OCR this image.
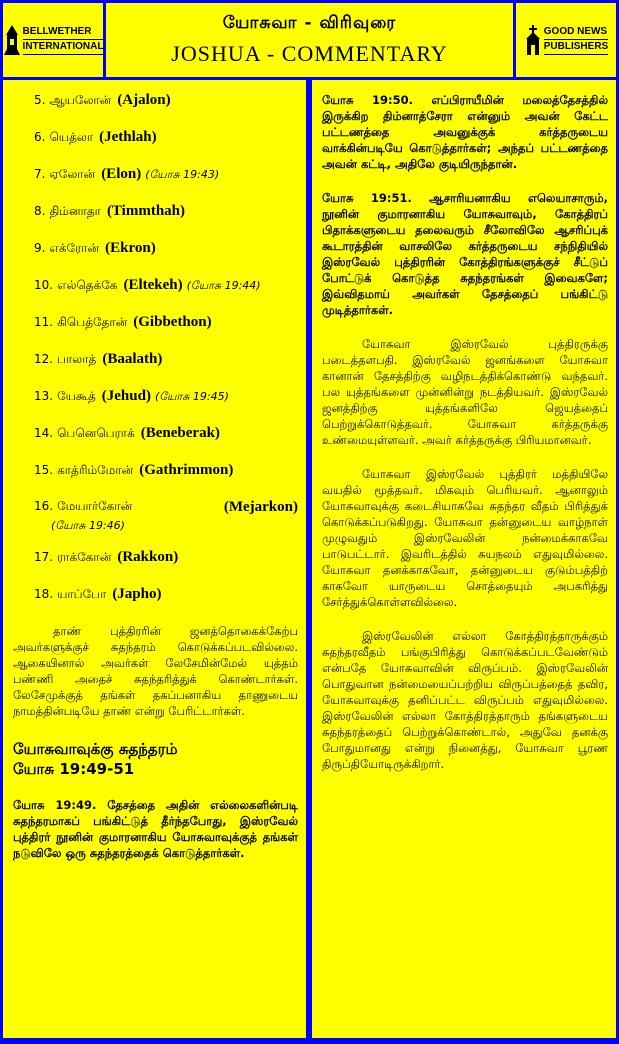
BELLWETHER
INTERNATIONAL
யோசுவா - விரிவுரை
JOSHUA - COMMENTARY
GOOD NEWS
PUBLISHERS
5. ஆயலோன் (Ajalon)
6. யெத்லா (Jethlah)
7. ஏலோன் (Elon) (யோசு 19:43)
8. திம்னாதா (Timmthah)
9. எக்ரோன் (Ekron)
10. எல்தெக்கே (Eltekeh) (யோசு 19:44)
11. கிபெத்தோன் (Gibbethon)
12. பாலாத் (Baalath)
13. யேகூத் (Jehud) (யோசு 19:45)
14. பெனெபெராக் (Beneberak)
15. காத்ரிம்மோன் (Gathrimmon)
16. மேயார்கோன்	(Mejarkon)
(யோசு 19:46)
17. ராக்கோன் (Rakkon)
18. யாப்போ (Japho)

தாண் புத்திரரின் ஜனத்தொகைக்கேற்ப அவர்களுக்குச் சுதந்தரம் கொடுக்கப்படவில்லை. ஆகையினால் அவர்கள் லேசேமின்மேல் யுத்தம் பண்ணி அதைச் சுதந்தரித்துக் கொண்டார்கள். லேசேமுக்குத் தங்கள் தகப்பனாகிய தாணுடைய நாமத்தின்படியே தாண் என்று பேரிட்டார்கள்.

யோசுவாவுக்கு சுதந்தரம்
யோசு 19:49-51

யோசு 19:49. தேசத்தை அதின் எல்லைகளின்படி சுதந்தரமாகப் பங்கிட்டுத் தீர்ந்தபோது, இஸ்ரவேல் புத்திரர் நூனின் குமாரனாகிய யோசுவாவுக்குத் தங்கள் நடுவிலே ஒரு சுதந்தரத்தைக் கொடுத்தார்கள்.

யோசு 19:50. எப்பிராயீமின் மலைத்தேசத்தில் இருக்கிற திம்னாத்சேரா என்னும் அவன் கேட்ட பட்டணத்தை அவனுக்குக் கர்த்தருடைய வாக்கின்படியே கொடுத்தார்கள்; அந்தப் பட்டணத்தை அவன் கட்டி, அதிலே குடியிருந்தான்.

யோசு 19:51. ஆசாரியனாகிய எலெயாசாரும், நூனின் குமாரனாகிய யோசுவாவும், கோத்திரப் பிதாக்களுடைய தலைவரும் சீலோவிலே ஆசரிப்புக் கூடாரத்தின் வாசலிலே கர்த்தருடைய சந்நிதியில் இஸ்ரவேல் புத்திரரின் கோத்திரங்களுக்குச் சீட்டுப் போட்டுக் கொடுத்த சுதந்தரங்கள் இவைகளே; இவ்விதமாய் அவர்கள் தேசத்தைப் பங்கிட்டு முடித்தார்கள்.

யோசுவா இஸ்ரவேல் புத்திரருக்கு படைத்தளபதி. இஸ்ரவேல் ஜனங்களை யோசுவா கானான் தேசத்திற்கு வழிநடத்திக்கொண்டு வந்தவர். பல யுத்தங்களை முன்னின்று நடத்தியவர். இஸ்ரவேல் ஜனத்திற்கு யுத்தங்களிலே ஜெயத்தைப் பெற்றுக்கொடுத்தவர். யோசுவா கர்த்தருக்கு உண்மையுள்ளவர். அவர் கர்த்தருக்கு பிரியமானவர்.

யோசுவா இஸ்ரவேல் புத்திரர் மத்தியிலே வயதில் மூத்தவர். மிகவும் பெரியவர். ஆனாலும் யோசுவாவுக்கு கடைசியாகவே சுதந்தர வீதம் பிரித்துக் கொடுக்கப்படுகிறது. யோசுவா தன்னுடைய வாழ்நாள் முழுவதும் இஸ்ரவேலின் நன்மைக்காகவே பாடுபட்டார். இவரிடத்தில் சுயநலம் எதுவுமில்லை. யோசுவா தனக்காகவோ, தன்னுடைய குடும்பத்திற் காகவோ யாருடைய சொத்தையும் அபகரித்து சேர்த்துக்கொள்ளவில்லை.

இஸ்ரவேலின் எல்லா கோத்திரத்தாருக்கும் சுதந்தரவீதம் பங்குபிரித்து கொடுக்கப்படவேண்டும் என்பதே யோசுவாவின் விருப்பம். இஸ்ரவேலின் பொதுவான நன்மையைப்பற்றிய விருப்பத்தைத் தவிர, யோசுவாவுக்கு தனிப்பட்ட விருப்பம் எதுவுமில்லை. இஸ்ரவேலின் எல்லா கோத்திரத்தாரும் தங்களுடைய சுதந்தரத்தைப் பெற்றுக்கொண்டால், அதுவே தனக்கு போதுமானது என்று நினைத்து, யோசுவா பூரண திருப்தியோடிருக்கிறார்.
